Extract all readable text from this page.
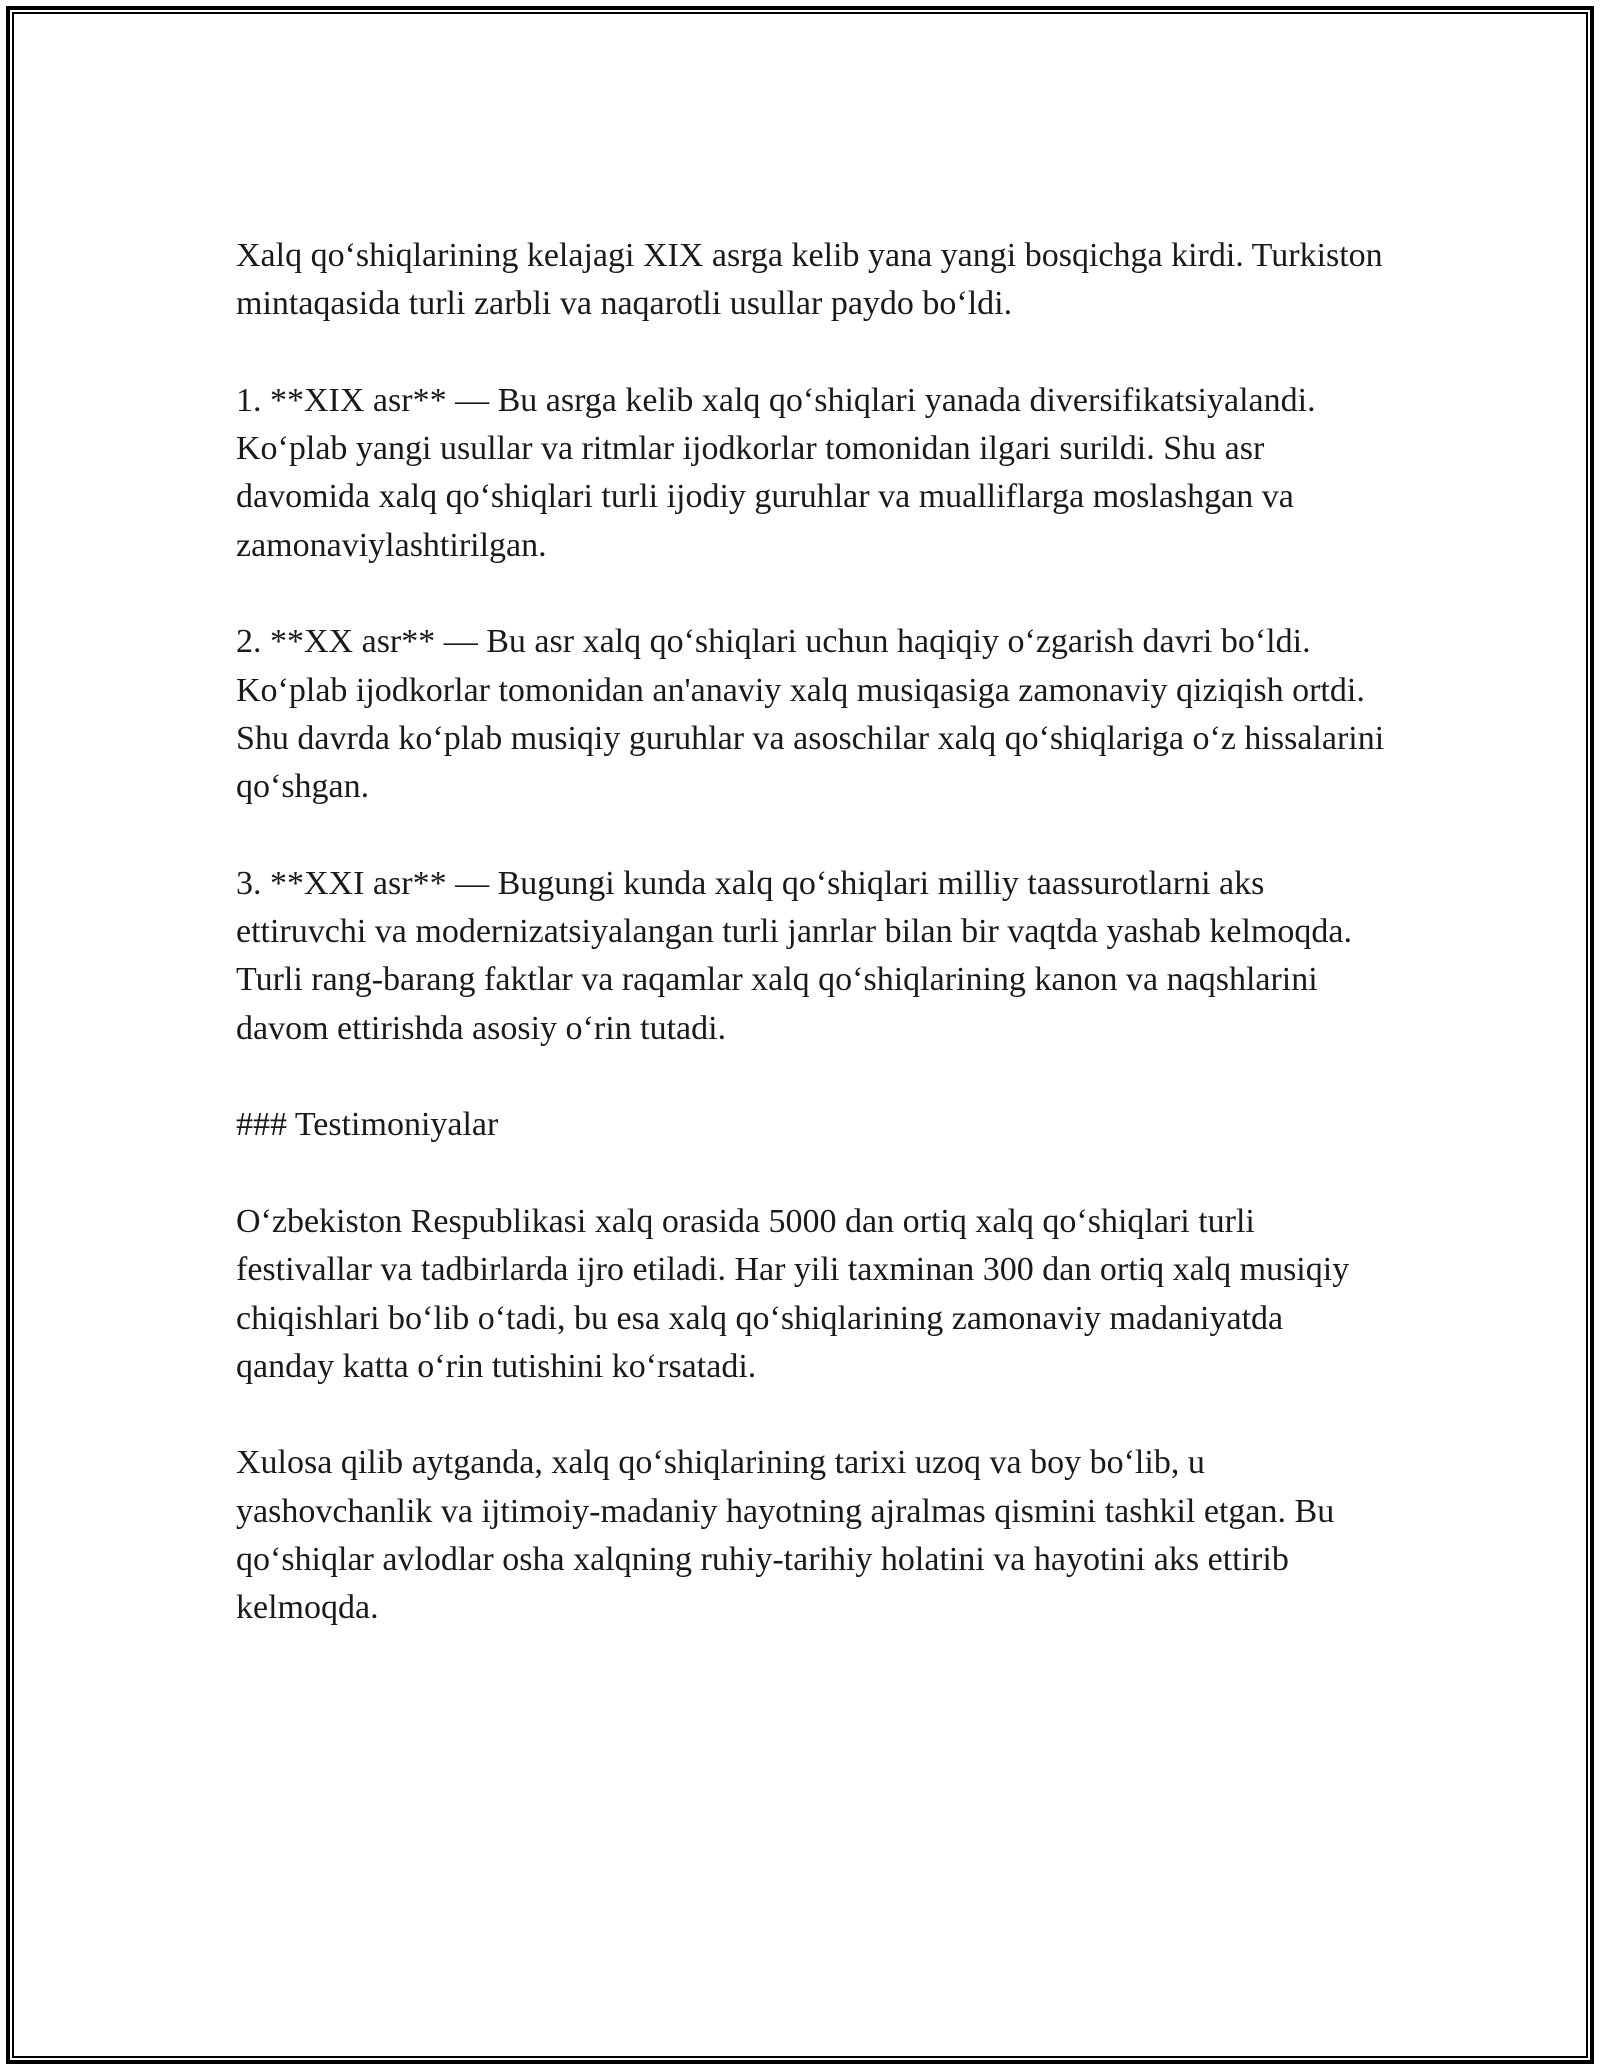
Xalq qo‘shiqlarining kelajagi XIX asrga kelib yana yangi bosqichga kirdi. Turkiston mintaqasida turli zarbli va naqarotli usullar paydo bo‘ldi.

1. **XIX asr** — Bu asrga kelib xalq qo‘shiqlari yanada diversifikatsiyalandi. Ko‘plab yangi usullar va ritmlar ijodkorlar tomonidan ilgari surildi. Shu asr davomida xalq qo‘shiqlari turli ijodiy guruhlar va mualliflarga moslashgan va zamonaviylashtirilgan.

2. **XX asr** — Bu asr xalq qo‘shiqlari uchun haqiqiy o‘zgarish davri bo‘ldi. Ko‘plab ijodkorlar tomonidan an'anaviy xalq musiqasiga zamonaviy qiziqish ortdi. Shu davrda ko‘plab musiqiy guruhlar va asoschilar xalq qo‘shiqlariga o‘z hissalarini qo‘shgan.

3. **XXI asr** — Bugungi kunda xalq qo‘shiqlari milliy taassurotlarni aks ettiruvchi va modernizatsiyalangan turli janrlar bilan bir vaqtda yashab kelmoqda. Turli rang-barang faktlar va raqamlar xalq qo‘shiqlarining kanon va naqshlarini davom ettirishda asosiy o‘rin tutadi.

### Testimoniyalar

O‘zbekiston Respublikasi xalq orasida 5000 dan ortiq xalq qo‘shiqlari turli festivallar va tadbirlarda ijro etiladi. Har yili taxminan 300 dan ortiq xalq musiqiy chiqishlari bo‘lib o‘tadi, bu esa xalq qo‘shiqlarining zamonaviy madaniyatda qanday katta o‘rin tutishini ko‘rsatadi.

Xulosa qilib aytganda, xalq qo‘shiqlarining tarixi uzoq va boy bo‘lib, u yashovchanlik va ijtimoiy-madaniy hayotning ajralmas qismini tashkil etgan. Bu qo‘shiqlar avlodlar osha xalqning ruhiy-tarihiy holatini va hayotini aks ettirib kelmoqda.
